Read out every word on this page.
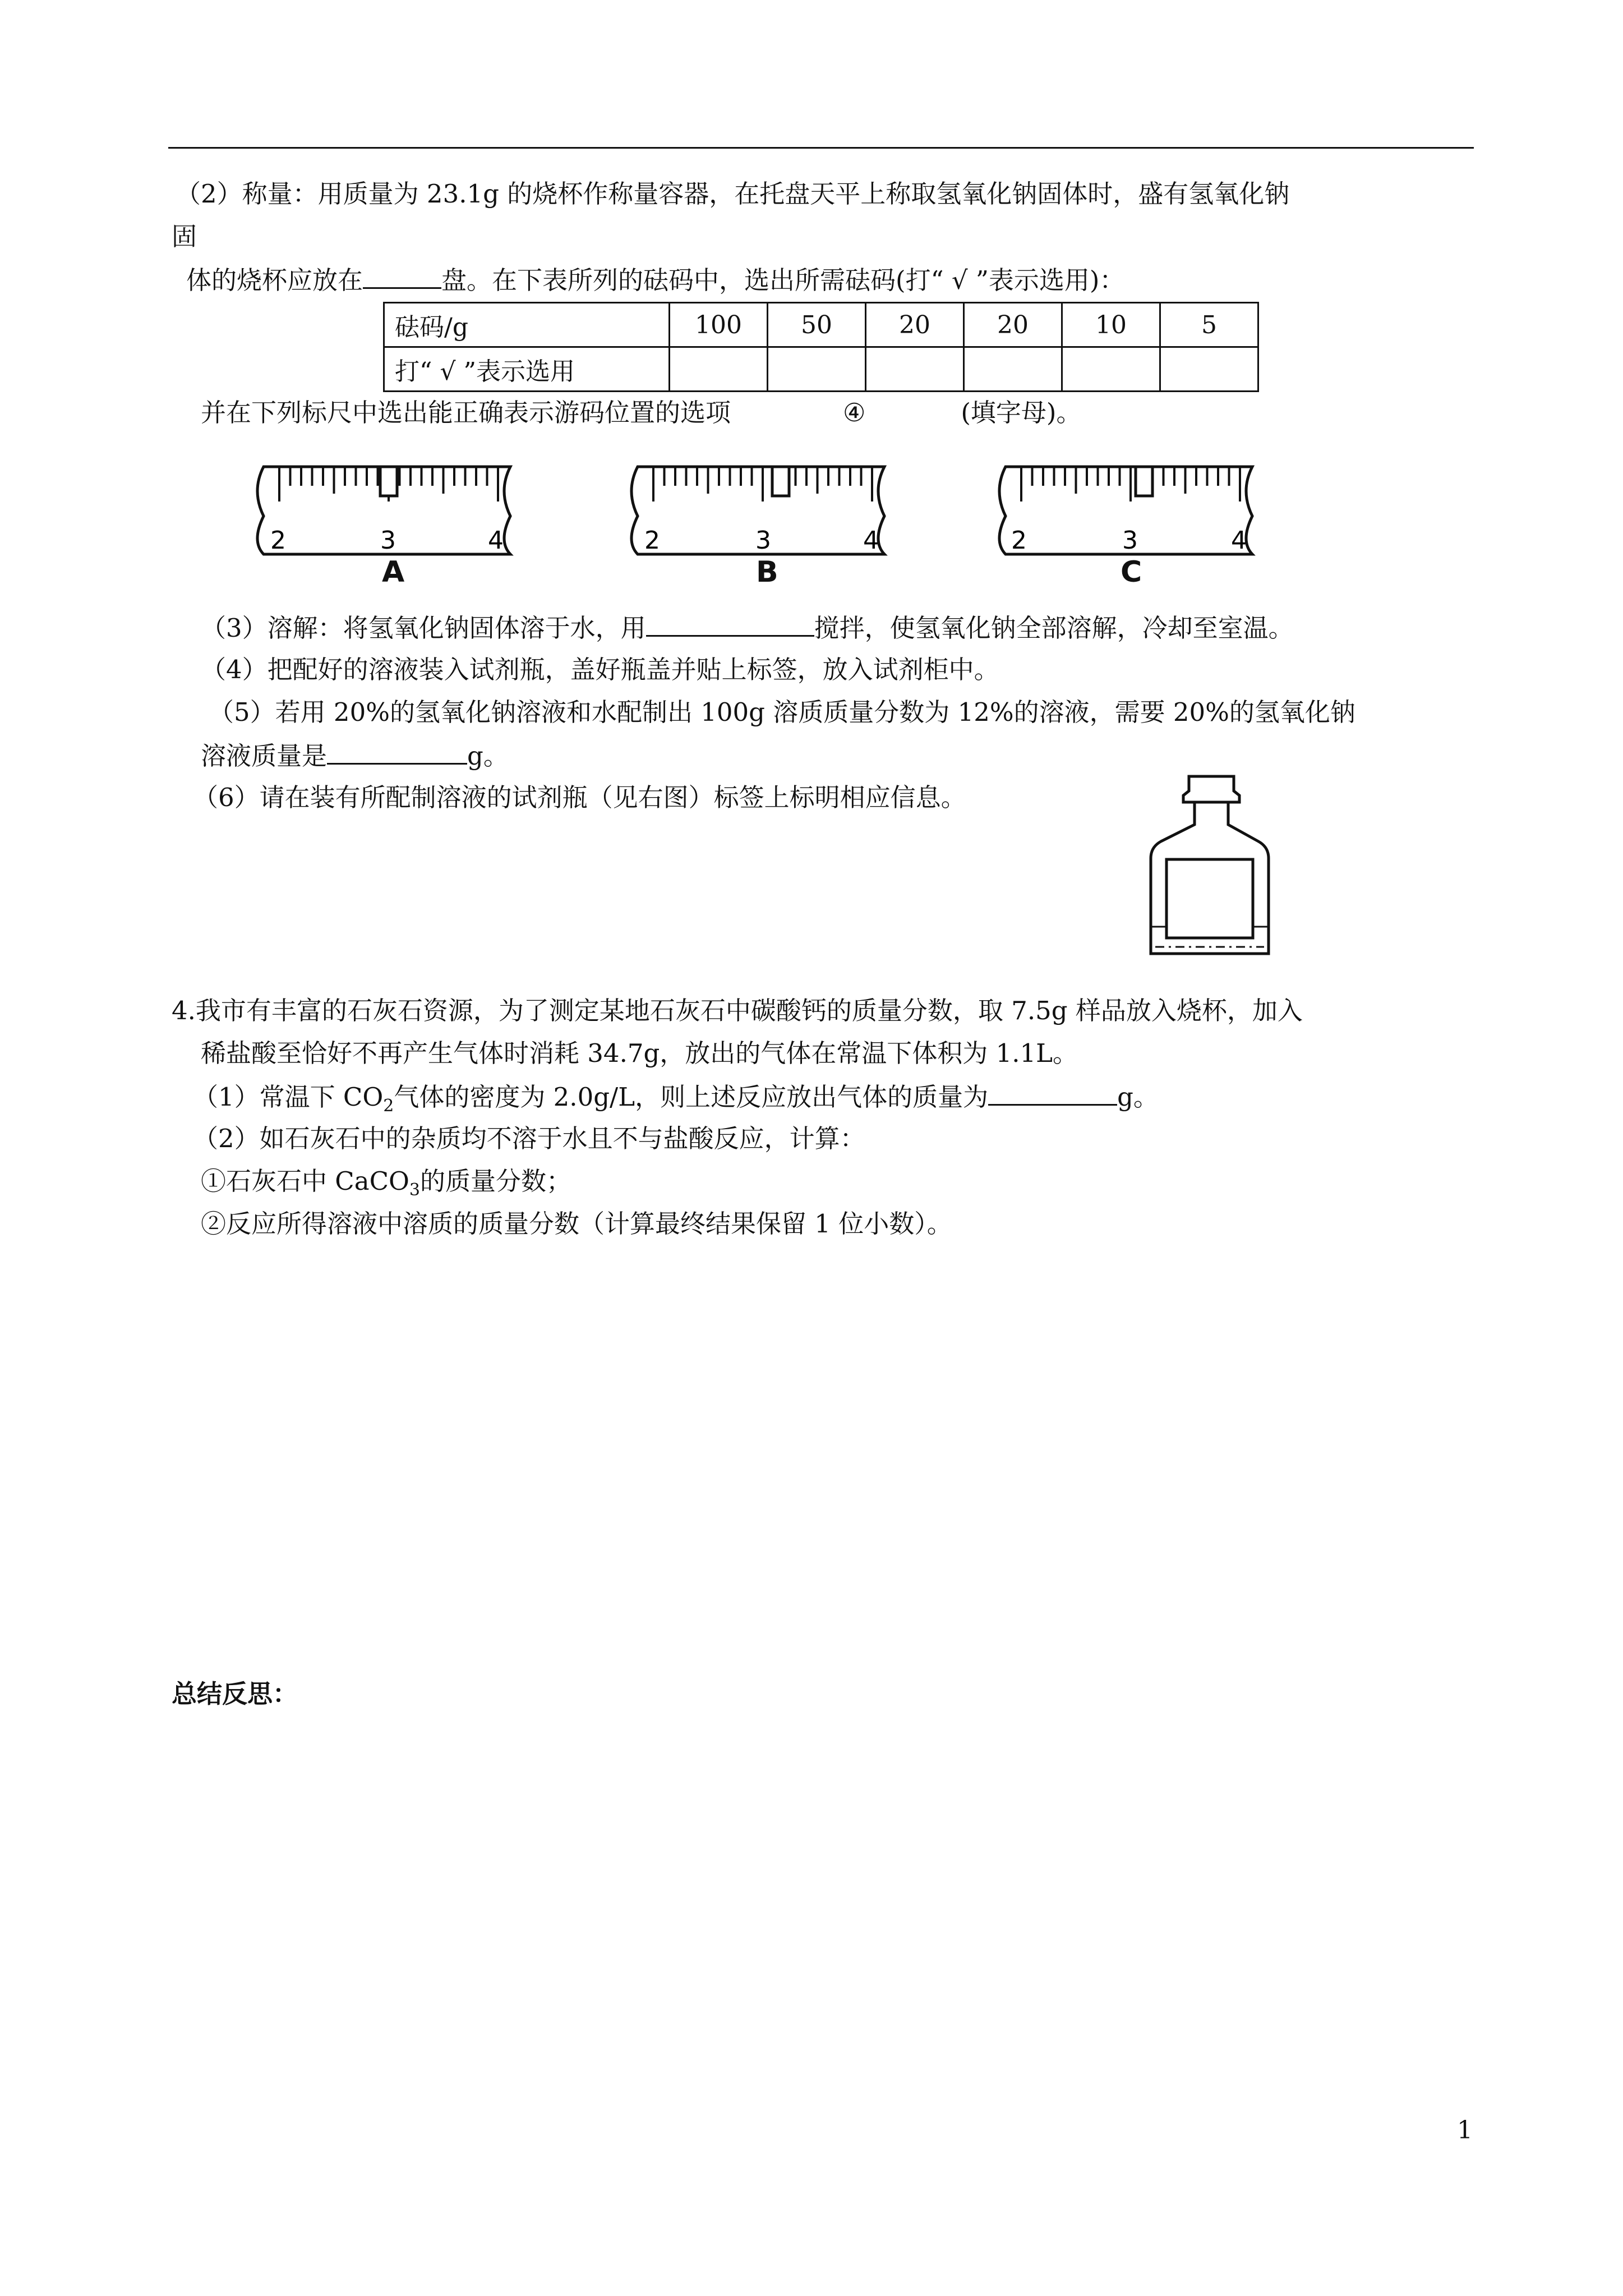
（2）称量：用质量为 23.1g 的烧杯作称量容器，在托盘天平上称取氢氧化钠固体时，盛有氢氧化钠
固
体的烧杯应放在	盘。在下表所列的砝码中，选出所需砝码(打“ √ ”表示选用)：
砝码/g	100	50	20	20	10	5
打“ √ ”表示选用						
并在下列标尺中选出能正确表示游码位置的选项	④	(填字母)。
2	3	4
A
2	3	4
B
2	3	4
C
（3）溶解：将氢氧化钠固体溶于水，用	搅拌，使氢氧化钠全部溶解，冷却至室温。
（4）把配好的溶液装入试剂瓶，盖好瓶盖并贴上标签，放入试剂柜中。
（5）若用 20%的氢氧化钠溶液和水配制出 100g 溶质质量分数为 12%的溶液，需要 20%的氢氧化钠
溶液质量是	g。
（6）请在装有所配制溶液的试剂瓶（见右图）标签上标明相应信息。
4.我市有丰富的石灰石资源，为了测定某地石灰石中碳酸钙的质量分数，取 7.5g 样品放入烧杯，加入
稀盐酸至恰好不再产生气体时消耗 34.7g，放出的气体在常温下体积为 1.1L。
（1）常温下 $CO_2$气体的密度为 2.0g/L，则上述反应放出气体的质量为	g。
（2）如石灰石中的杂质均不溶于水且不与盐酸反应，计算：
①石灰石中 CaCO$_3$的质量分数；
②反应所得溶液中溶质的质量分数（计算最终结果保留 1 位小数）。
总结反思：
1
